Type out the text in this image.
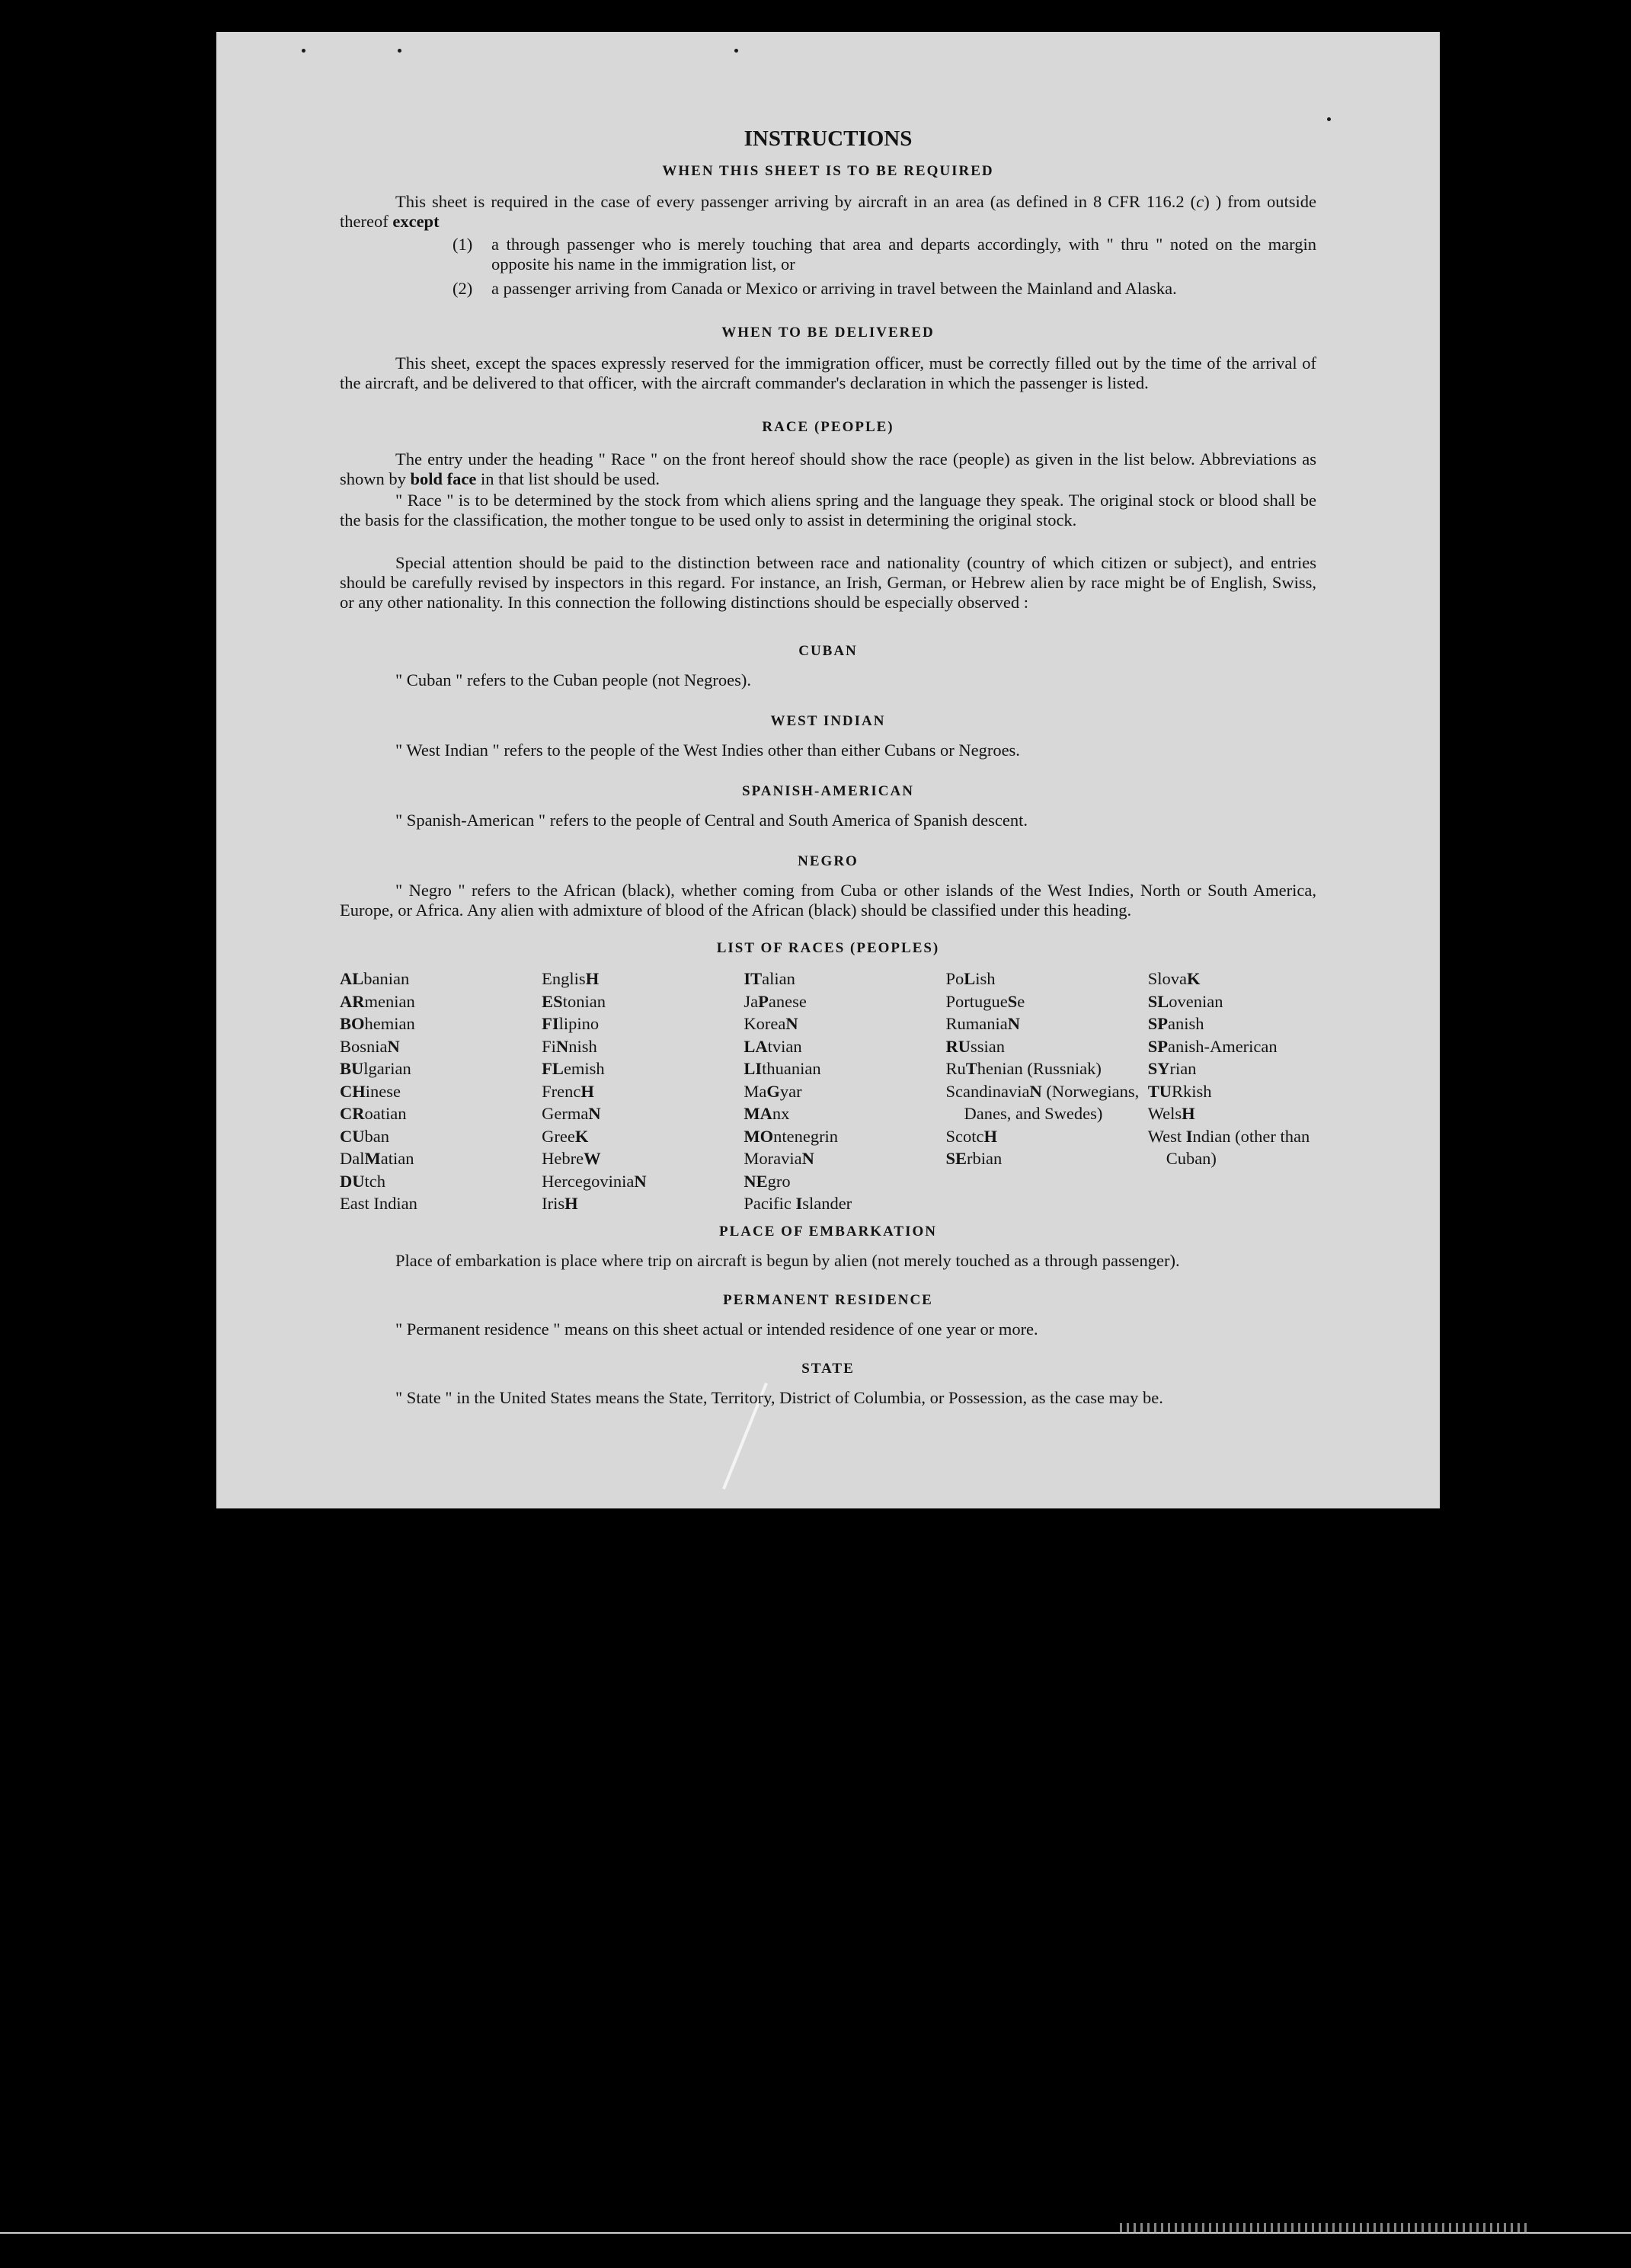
INSTRUCTIONS
WHEN THIS SHEET IS TO BE REQUIRED
This sheet is required in the case of every passenger arriving by aircraft in an area (as defined in 8 CFR 116.2 (c) ) from outside thereof except
(1) a through passenger who is merely touching that area and departs accordingly, with " thru " noted on the margin opposite his name in the immigration list, or
(2) a passenger arriving from Canada or Mexico or arriving in travel between the Mainland and Alaska.
WHEN TO BE DELIVERED
This sheet, except the spaces expressly reserved for the immigration officer, must be correctly filled out by the time of the arrival of the aircraft, and be delivered to that officer, with the aircraft commander's declaration in which the passenger is listed.
RACE (PEOPLE)
The entry under the heading " Race " on the front hereof should show the race (people) as given in the list below. Abbreviations as shown by bold face in that list should be used.
" Race " is to be determined by the stock from which aliens spring and the language they speak. The original stock or blood shall be the basis for the classification, the mother tongue to be used only to assist in determining the original stock.
Special attention should be paid to the distinction between race and nationality (country of which citizen or subject), and entries should be carefully revised by inspectors in this regard. For instance, an Irish, German, or Hebrew alien by race might be of English, Swiss, or any other nationality. In this connection the following distinctions should be especially observed :
CUBAN
" Cuban " refers to the Cuban people (not Negroes).
WEST INDIAN
" West Indian " refers to the people of the West Indies other than either Cubans or Negroes.
SPANISH-AMERICAN
" Spanish-American " refers to the people of Central and South America of Spanish descent.
NEGRO
" Negro " refers to the African (black), whether coming from Cuba or other islands of the West Indies, North or South America, Europe, or Africa. Any alien with admixture of blood of the African (black) should be classified under this heading.
LIST OF RACES (PEOPLES)
ALbanian
ARmenian
BOhemian
BosniaN
BUlgarian
CHinese
CRoatian
CUban
DalMatian
DUtch
East Indian
EnglisH
EStonian
FIlipino
FiNnish
FLemish
FrencH
GermaN
GreeK
HebreW
HercegoviniaN
IrisH
ITalian
JaPanese
KoreaN
LAtvian
LIthuanian
MaGyar
MAnx
MOntenegrin
MoraviaN
NEgro
Pacific Islander
PoLish
PortugueSe
RumaniaN
RUssian
RuThenian (Russniak)
ScandinaviaN (Norwegians, Danes, and Swedes)
ScotcH
SErbian
SlovaK
SLovenian
SPanish
SPanish-American
SYrian
TURkish
WelsH
West Indian (other than Cuban)
PLACE OF EMBARKATION
Place of embarkation is place where trip on aircraft is begun by alien (not merely touched as a through passenger).
PERMANENT RESIDENCE
" Permanent residence " means on this sheet actual or intended residence of one year or more.
STATE
" State " in the United States means the State, Territory, District of Columbia, or Possession, as the case may be.
